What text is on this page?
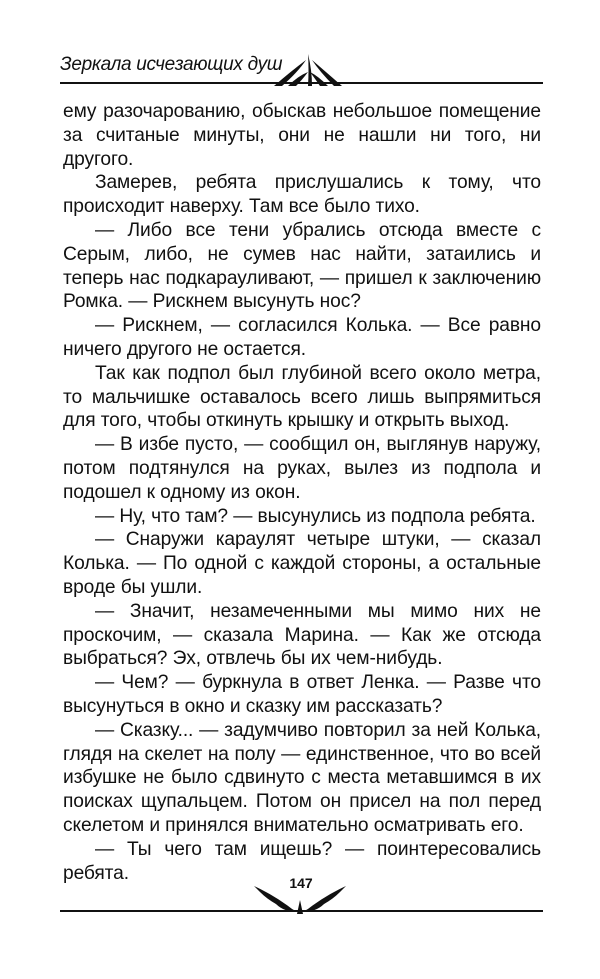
Зеркала исчезающих душ

ему разочарованию, обыскав небольшое помещение за считаные минуты, они не нашли ни того, ни другого.

Замерев, ребята прислушались к тому, что происходит наверху. Там все было тихо.

— Либо все тени убрались отсюда вместе с Серым, либо, не сумев нас найти, затаились и теперь нас подкарауливают, — пришел к заключению Ромка. — Рискнем высунуть нос?

— Рискнем, — согласился Колька. — Все равно ничего другого не остается.

Так как подпол был глубиной всего около метра, то мальчишке оставалось всего лишь выпрямиться для того, чтобы откинуть крышку и открыть выход.

— В избе пусто, — сообщил он, выглянув наружу, потом подтянулся на руках, вылез из подпола и подошел к одному из окон.

— Ну, что там? — высунулись из подпола ребята.

— Снаружи караулят четыре штуки, — сказал Колька. — По одной с каждой стороны, а остальные вроде бы ушли.

— Значит, незамеченными мы мимо них не проскочим, — сказала Марина. — Как же отсюда выбраться? Эх, отвлечь бы их чем-нибудь.

— Чем? — буркнула в ответ Ленка. — Разве что высунуться в окно и сказку им рассказать?

— Сказку... — задумчиво повторил за ней Колька, глядя на скелет на полу — единственное, что во всей избушке не было сдвинуто с места метавшимся в их поисках щупальцем. Потом он присел на пол перед скелетом и принялся внимательно осматривать его.

— Ты чего там ищешь? — поинтересовались ребята.	147
